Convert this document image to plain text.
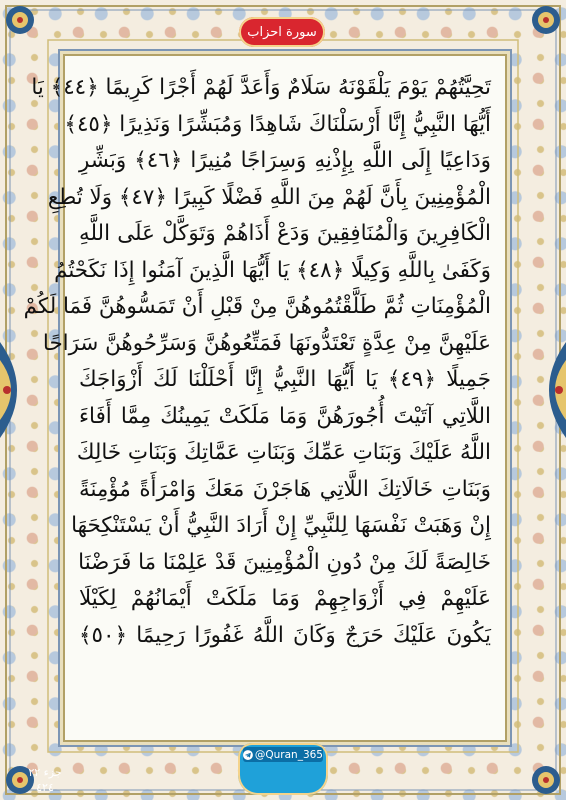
سورة احزاب
تَحِيَّتُهُمْ يَوْمَ يَلْقَوْنَهُ سَلَامٌ وَأَعَدَّ لَهُمْ أَجْرًا كَرِيمًا ﴿٤٤﴾ يَا
أَيُّهَا النَّبِيُّ إِنَّا أَرْسَلْنَاكَ شَاهِدًا وَمُبَشِّرًا وَنَذِيرًا ﴿٤٥﴾
وَدَاعِيًا إِلَى اللَّهِ بِإِذْنِهِ وَسِرَاجًا مُنِيرًا ﴿٤٦﴾ وَبَشِّرِ
الْمُؤْمِنِينَ بِأَنَّ لَهُمْ مِنَ اللَّهِ فَضْلًا كَبِيرًا ﴿٤٧﴾ وَلَا تُطِعِ
الْكَافِرِينَ وَالْمُنَافِقِينَ وَدَعْ أَذَاهُمْ وَتَوَكَّلْ عَلَى اللَّهِ
وَكَفَىٰ بِاللَّهِ وَكِيلًا ﴿٤٨﴾ يَا أَيُّهَا الَّذِينَ آمَنُوا إِذَا نَكَحْتُمُ
الْمُؤْمِنَاتِ ثُمَّ طَلَّقْتُمُوهُنَّ مِنْ قَبْلِ أَنْ تَمَسُّوهُنَّ فَمَا لَكُمْ
عَلَيْهِنَّ مِنْ عِدَّةٍ تَعْتَدُّونَهَا فَمَتِّعُوهُنَّ وَسَرِّحُوهُنَّ سَرَاحًا
جَمِيلًا ﴿٤٩﴾ يَا أَيُّهَا النَّبِيُّ إِنَّا أَحْلَلْنَا لَكَ أَزْوَاجَكَ
اللَّاتِي آتَيْتَ أُجُورَهُنَّ وَمَا مَلَكَتْ يَمِينُكَ مِمَّا أَفَاءَ
اللَّهُ عَلَيْكَ وَبَنَاتِ عَمِّكَ وَبَنَاتِ عَمَّاتِكَ وَبَنَاتِ خَالِكَ
وَبَنَاتِ خَالَاتِكَ اللَّاتِي هَاجَرْنَ مَعَكَ وَامْرَأَةً مُؤْمِنَةً
إِنْ وَهَبَتْ نَفْسَهَا لِلنَّبِيِّ إِنْ أَرَادَ النَّبِيُّ أَنْ يَسْتَنْكِحَهَا
خَالِصَةً لَكَ مِنْ دُونِ الْمُؤْمِنِينَ قَدْ عَلِمْنَا مَا فَرَضْنَا
عَلَيْهِمْ فِي أَزْوَاجِهِمْ وَمَا مَلَكَتْ أَيْمَانُهُمْ لِكَيْلَا
يَكُونَ عَلَيْكَ حَرَجٌ وَكَانَ اللَّهُ غَفُورًا رَحِيمًا ﴿٥٠﴾
@Quran_365
جزء ٢٢
٤٢٤
